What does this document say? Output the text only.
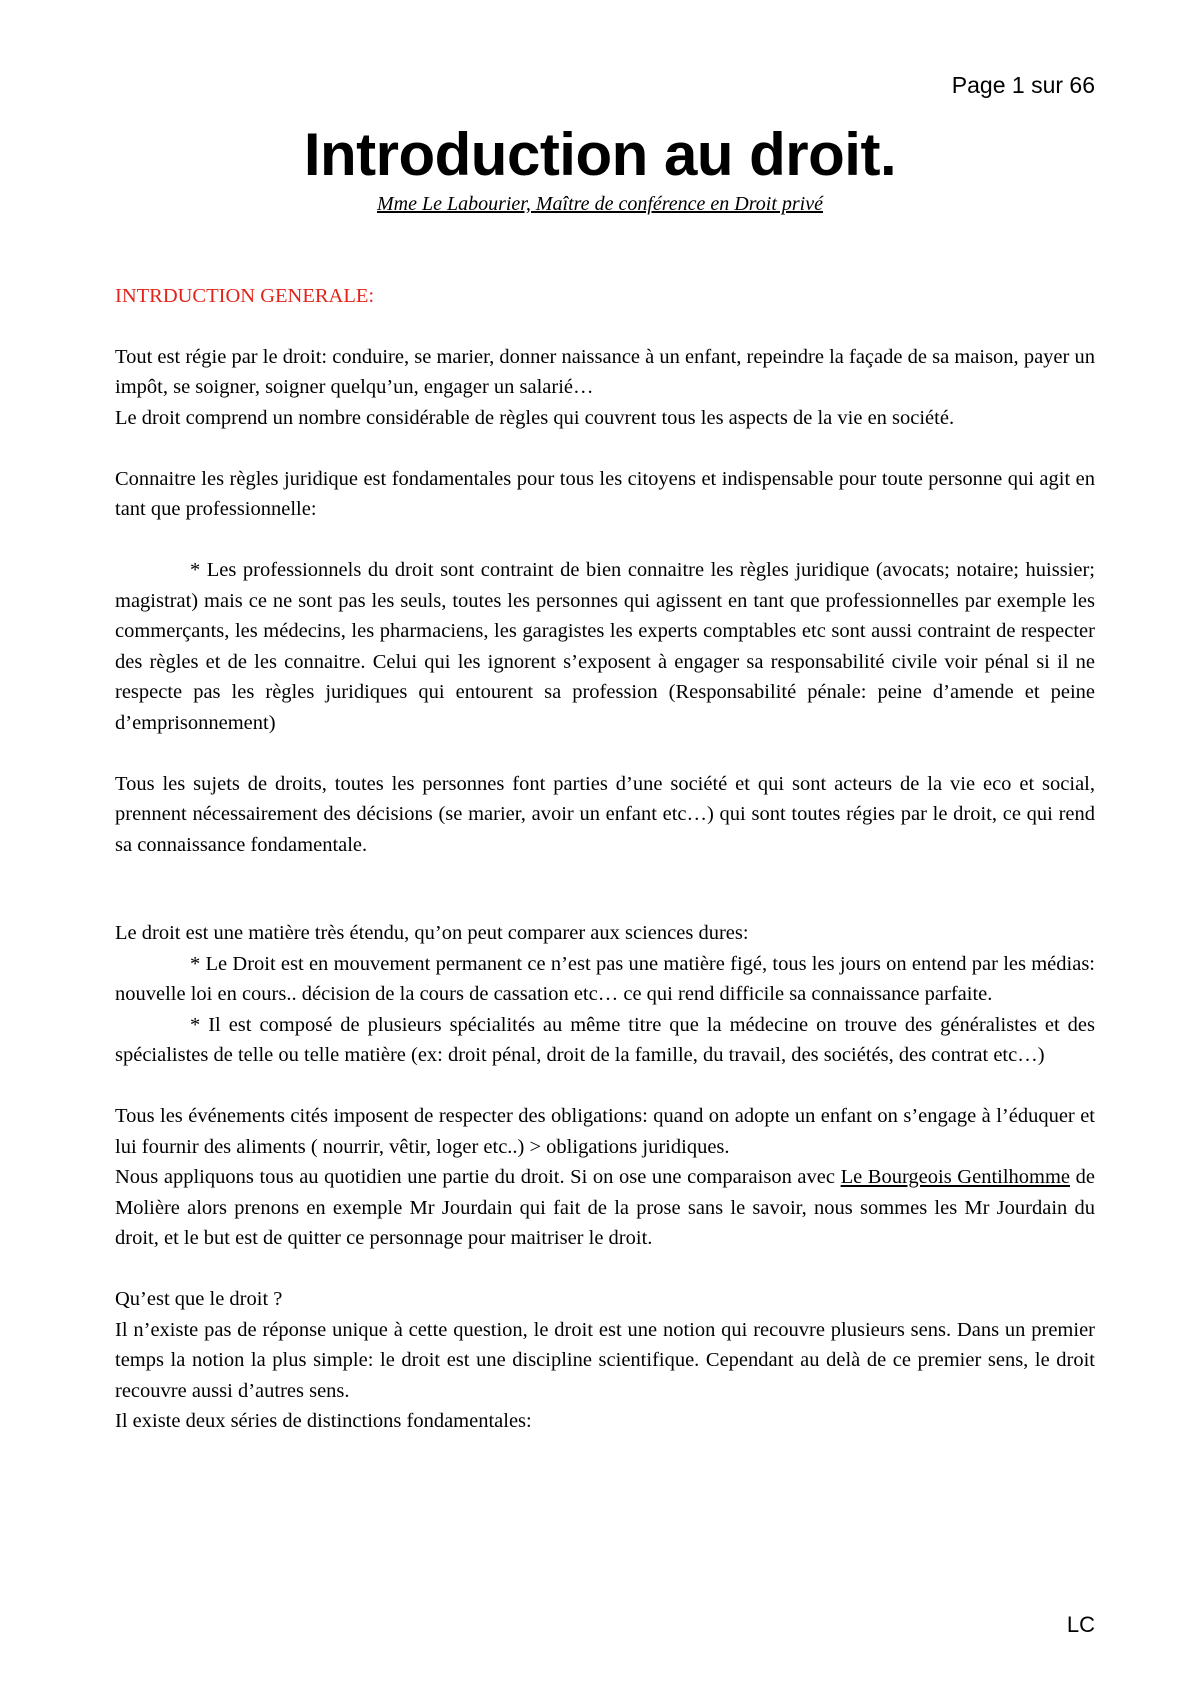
Page 1 sur 66
Introduction au droit.
Mme Le Labourier, Maître de conférence en Droit privé
INTRDUCTION GENERALE:

Tout est régie par le droit: conduire, se marier, donner naissance à un enfant, repeindre la façade de sa maison, payer un impôt, se soigner, soigner quelqu’un, engager un salarié…

Le droit comprend un nombre considérable de règles qui couvrent tous les aspects de la vie en société.

Connaitre les règles juridique est fondamentales pour tous les citoyens et indispensable pour toute personne qui agit en tant que professionnelle:

* Les professionnels du droit sont contraint de bien connaitre les règles juridique (avocats; notaire; huissier; magistrat) mais ce ne sont pas les seuls, toutes les personnes qui agissent en tant que professionnelles par exemple les commerçants, les médecins, les pharmaciens, les garagistes les experts comptables etc sont aussi contraint de respecter des règles et de les connaitre. Celui qui les ignorent s’exposent à engager sa responsabilité civile voir pénal si il ne respecte pas les règles juridiques qui entourent sa profession (Responsabilité pénale: peine d’amende et peine d’emprisonnement)

Tous les sujets de droits, toutes les personnes font parties d’une société et qui sont acteurs de la vie eco et social, prennent nécessairement des décisions (se marier, avoir un enfant etc…) qui sont toutes régies par le droit, ce qui rend sa connaissance fondamentale.

Le droit est une matière très étendu, qu’on peut comparer aux sciences dures:

* Le Droit est en mouvement permanent ce n’est pas une matière figé, tous les jours on entend par les médias: nouvelle loi en cours.. décision de la cours de cassation etc… ce qui rend difficile sa connaissance parfaite.

* Il est composé de plusieurs spécialités au même titre que la médecine on trouve des généralistes et des spécialistes de telle ou telle matière (ex: droit pénal, droit de la famille, du travail, des sociétés, des contrat etc…)

Tous les événements cités imposent de respecter des obligations: quand on adopte un enfant on s’engage à l’éduquer et lui fournir des aliments ( nourrir, vêtir, loger etc..) > obligations juridiques.

Nous appliquons tous au quotidien une partie du droit. Si on ose une comparaison avec Le Bourgeois Gentilhomme de Molière alors prenons en exemple Mr Jourdain qui fait de la prose sans le savoir, nous sommes les Mr Jourdain du droit, et le but est de quitter ce personnage pour maitriser le droit.

Qu’est que le droit ?

Il n’existe pas de réponse unique à cette question, le droit est une notion qui recouvre plusieurs sens. Dans un premier temps la notion la plus simple: le droit est une discipline scientifique. Cependant au delà de ce premier sens, le droit recouvre aussi d’autres sens.

Il existe deux séries de distinctions fondamentales:

LC
